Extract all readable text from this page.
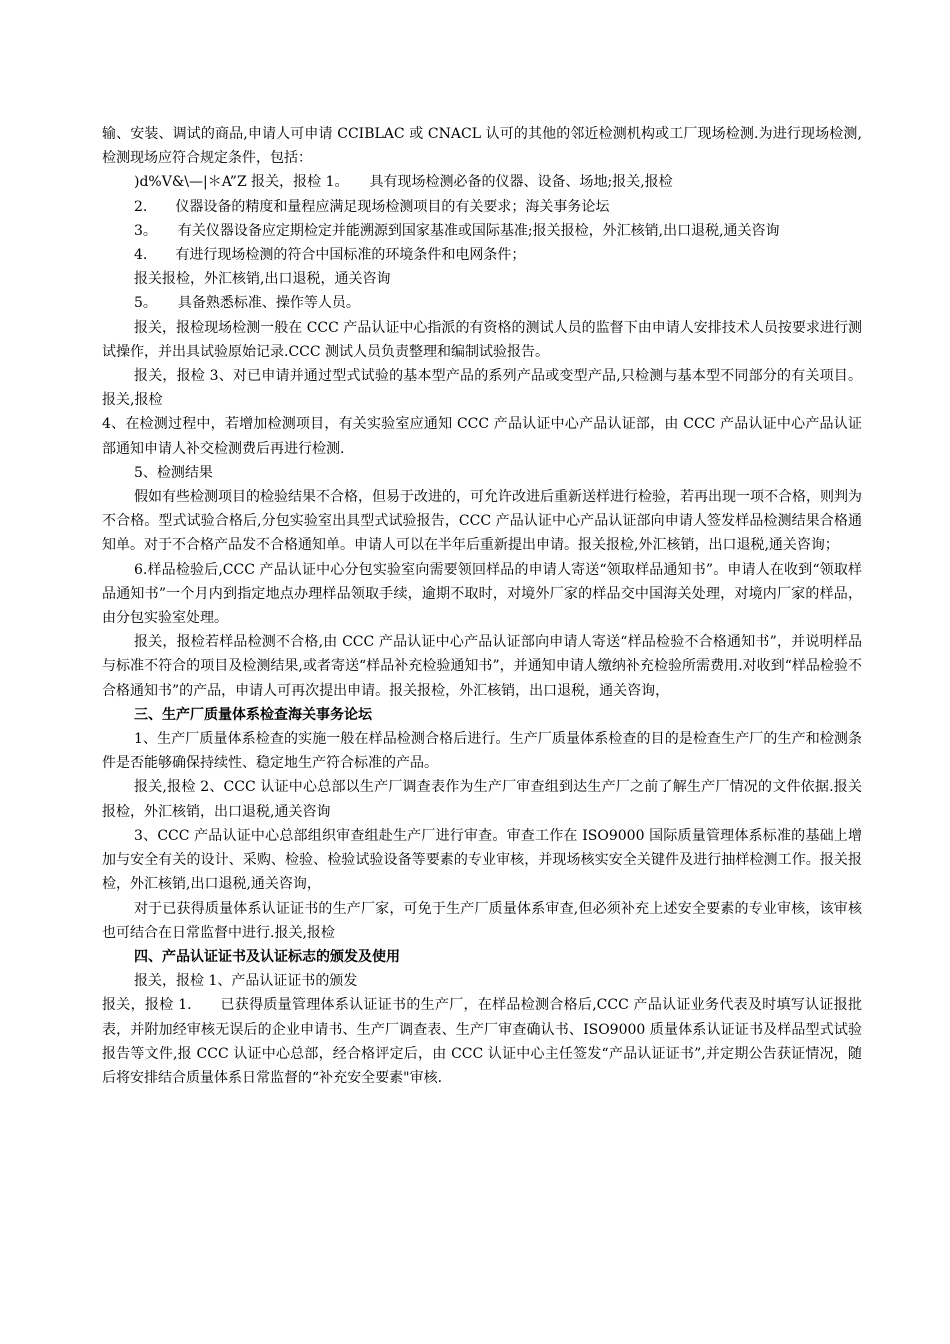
输、安装、调试的商品,申请人可申请 CCIBLAC 或 CNACL 认可的其他的邻近检测机构或工厂现场检测.为进行现场检测,检测现场应符合规定条件，包括：

)d%V&\—|＊A”Z 报关，报检 1。　　具有现场检测必备的仪器、设备、场地;报关,报检

2.　　仪器设备的精度和量程应满足现场检测项目的有关要求；海关事务论坛

3。　　有关仪器设备应定期检定并能溯源到国家基准或国际基准;报关报检，外汇核销,出口退税,通关咨询

4.　　有进行现场检测的符合中国标准的环境条件和电网条件；

报关报检，外汇核销,出口退税，通关咨询

5。　　具备熟悉标准、操作等人员。

报关，报检现场检测一般在 CCC 产品认证中心指派的有资格的测试人员的监督下由申请人安排技术人员按要求进行测试操作，并出具试验原始记录.CCC 测试人员负责整理和编制试验报告。

报关，报检 3、对已申请并通过型式试验的基本型产品的系列产品或变型产品,只检测与基本型不同部分的有关项目。报关,报检

4、在检测过程中，若增加检测项目，有关实验室应通知 CCC 产品认证中心产品认证部，由 CCC 产品认证中心产品认证部通知申请人补交检测费后再进行检测.

5、检测结果

假如有些检测项目的检验结果不合格，但易于改进的，可允许改进后重新送样进行检验，若再出现一项不合格，则判为不合格。型式试验合格后,分包实验室出具型式试验报告，CCC 产品认证中心产品认证部向申请人签发样品检测结果合格通知单。对于不合格产品发不合格通知单。申请人可以在半年后重新提出申请。报关报检,外汇核销，出口退税,通关咨询；

6.样品检验后,CCC 产品认证中心分包实验室向需要领回样品的申请人寄送“领取样品通知书”。申请人在收到“领取样品通知书”一个月内到指定地点办理样品领取手续，逾期不取时，对境外厂家的样品交中国海关处理，对境内厂家的样品，由分包实验室处理。

报关，报检若样品检测不合格,由 CCC 产品认证中心产品认证部向申请人寄送“样品检验不合格通知书”，并说明样品与标准不符合的项目及检测结果,或者寄送“样品补充检验通知书”，并通知申请人缴纳补充检验所需费用.对收到“样品检验不合格通知书”的产品，申请人可再次提出申请。报关报检，外汇核销，出口退税，通关咨询，

三、生产厂质量体系检查海关事务论坛

1、生产厂质量体系检查的实施一般在样品检测合格后进行。生产厂质量体系检查的目的是检查生产厂的生产和检测条件是否能够确保持续性、稳定地生产符合标准的产品。

报关,报检 2、CCC 认证中心总部以生产厂调查表作为生产厂审查组到达生产厂之前了解生产厂情况的文件依据.报关报检，外汇核销，出口退税,通关咨询

3、CCC 产品认证中心总部组织审查组赴生产厂进行审查。审查工作在 ISO9000 国际质量管理体系标准的基础上增加与安全有关的设计、采购、检验、检验试验设备等要素的专业审核，并现场核实安全关键件及进行抽样检测工作。报关报检，外汇核销,出口退税,通关咨询，

对于已获得质量体系认证证书的生产厂家，可免于生产厂质量体系审查,但必须补充上述安全要素的专业审核，该审核也可结合在日常监督中进行.报关,报检

四、产品认证证书及认证标志的颁发及使用

报关，报检 1、产品认证证书的颁发

报关，报检 1.　　已获得质量管理体系认证证书的生产厂，在样品检测合格后,CCC 产品认证业务代表及时填写认证报批表，并附加经审核无误后的企业申请书、生产厂调查表、生产厂审查确认书、ISO9000 质量体系认证证书及样品型式试验报告等文件,报 CCC 认证中心总部，经合格评定后，由 CCC 认证中心主任签发“产品认证证书”,并定期公告获证情况，随后将安排结合质量体系日常监督的“补充安全要素"审核.
